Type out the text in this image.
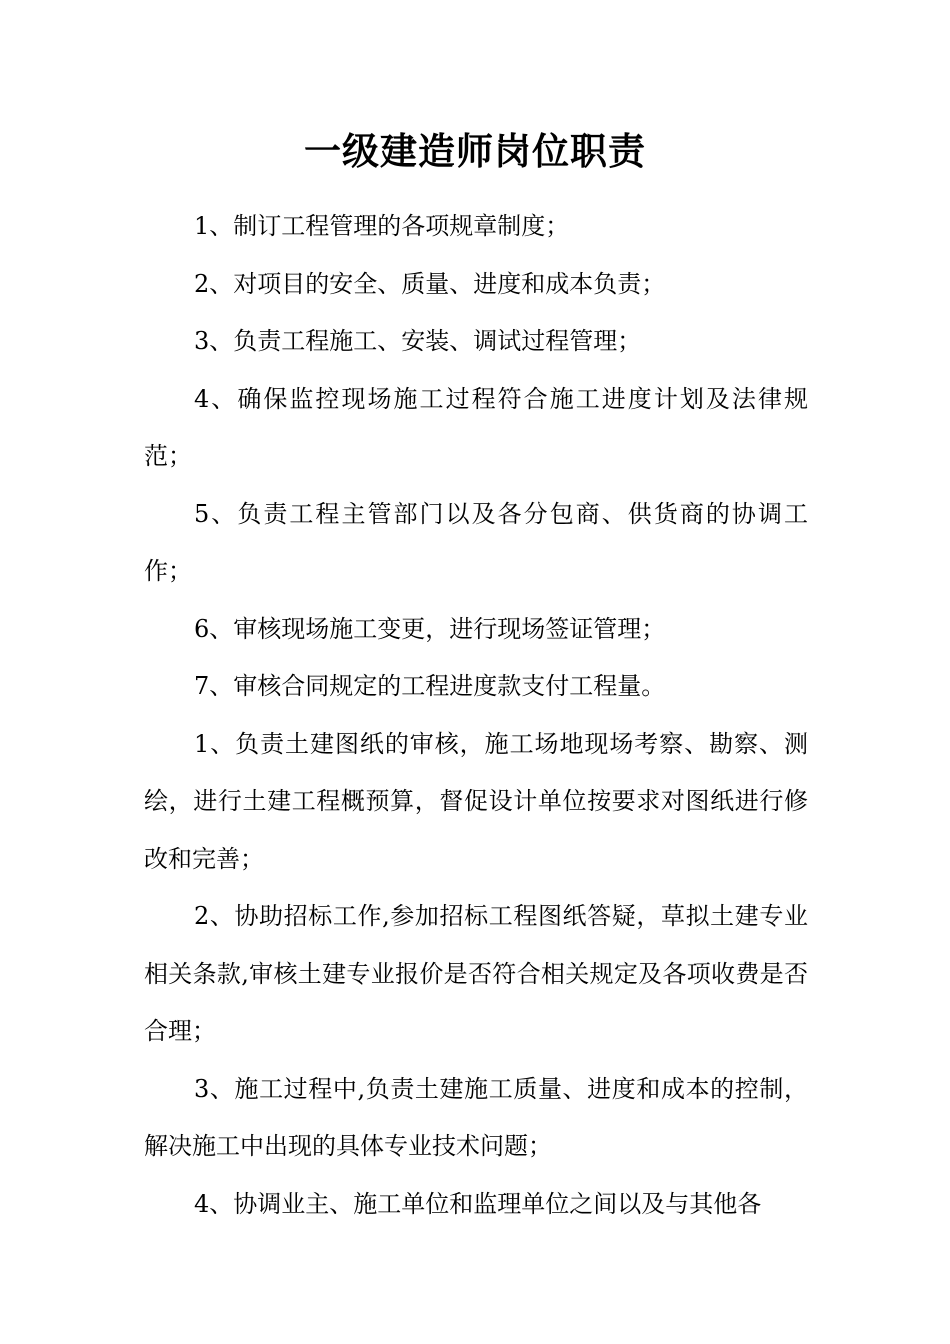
一级建造师岗位职责

1、制订工程管理的各项规章制度；

2、对项目的安全、质量、进度和成本负责；

3、负责工程施工、安装、调试过程管理；

4、确保监控现场施工过程符合施工进度计划及法律规范；

5、负责工程主管部门以及各分包商、供货商的协调工作；

6、审核现场施工变更，进行现场签证管理；

7、审核合同规定的工程进度款支付工程量。

1、负责土建图纸的审核，施工场地现场考察、勘察、测绘，进行土建工程概预算，督促设计单位按要求对图纸进行修改和完善；

2、协助招标工作,参加招标工程图纸答疑，草拟土建专业相关条款,审核土建专业报价是否符合相关规定及各项收费是否合理；

3、施工过程中,负责土建施工质量、进度和成本的控制，解决施工中出现的具体专业技术问题；

4、协调业主、施工单位和监理单位之间以及与其他各
